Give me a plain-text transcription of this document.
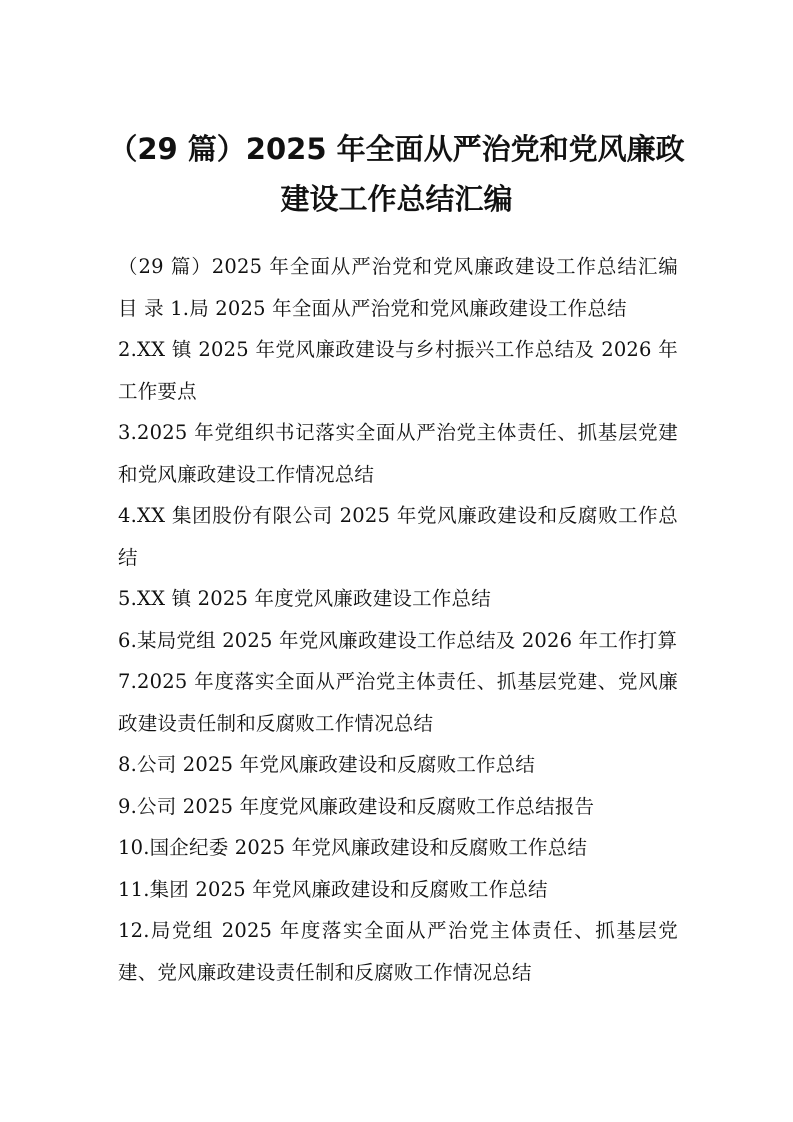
（29 篇）2025 年全面从严治党和党风廉政
建设工作总结汇编

（29 篇）2025 年全面从严治党和党风廉政建设工作总结汇编目 录 1.局 2025 年全面从严治党和党风廉政建设工作总结

2.XX 镇 2025 年党风廉政建设与乡村振兴工作总结及 2026 年工作要点

3.2025 年党组织书记落实全面从严治党主体责任、抓基层党建和党风廉政建设工作情况总结

4.XX 集团股份有限公司 2025 年党风廉政建设和反腐败工作总结

5.XX 镇 2025 年度党风廉政建设工作总结

6.某局党组 2025 年党风廉政建设工作总结及 2026 年工作打算

7.2025 年度落实全面从严治党主体责任、抓基层党建、党风廉政建设责任制和反腐败工作情况总结

8.公司 2025 年党风廉政建设和反腐败工作总结

9.公司 2025 年度党风廉政建设和反腐败工作总结报告

10.国企纪委 2025 年党风廉政建设和反腐败工作总结

11.集团 2025 年党风廉政建设和反腐败工作总结

12.局党组 2025 年度落实全面从严治党主体责任、抓基层党建、党风廉政建设责任制和反腐败工作情况总结
